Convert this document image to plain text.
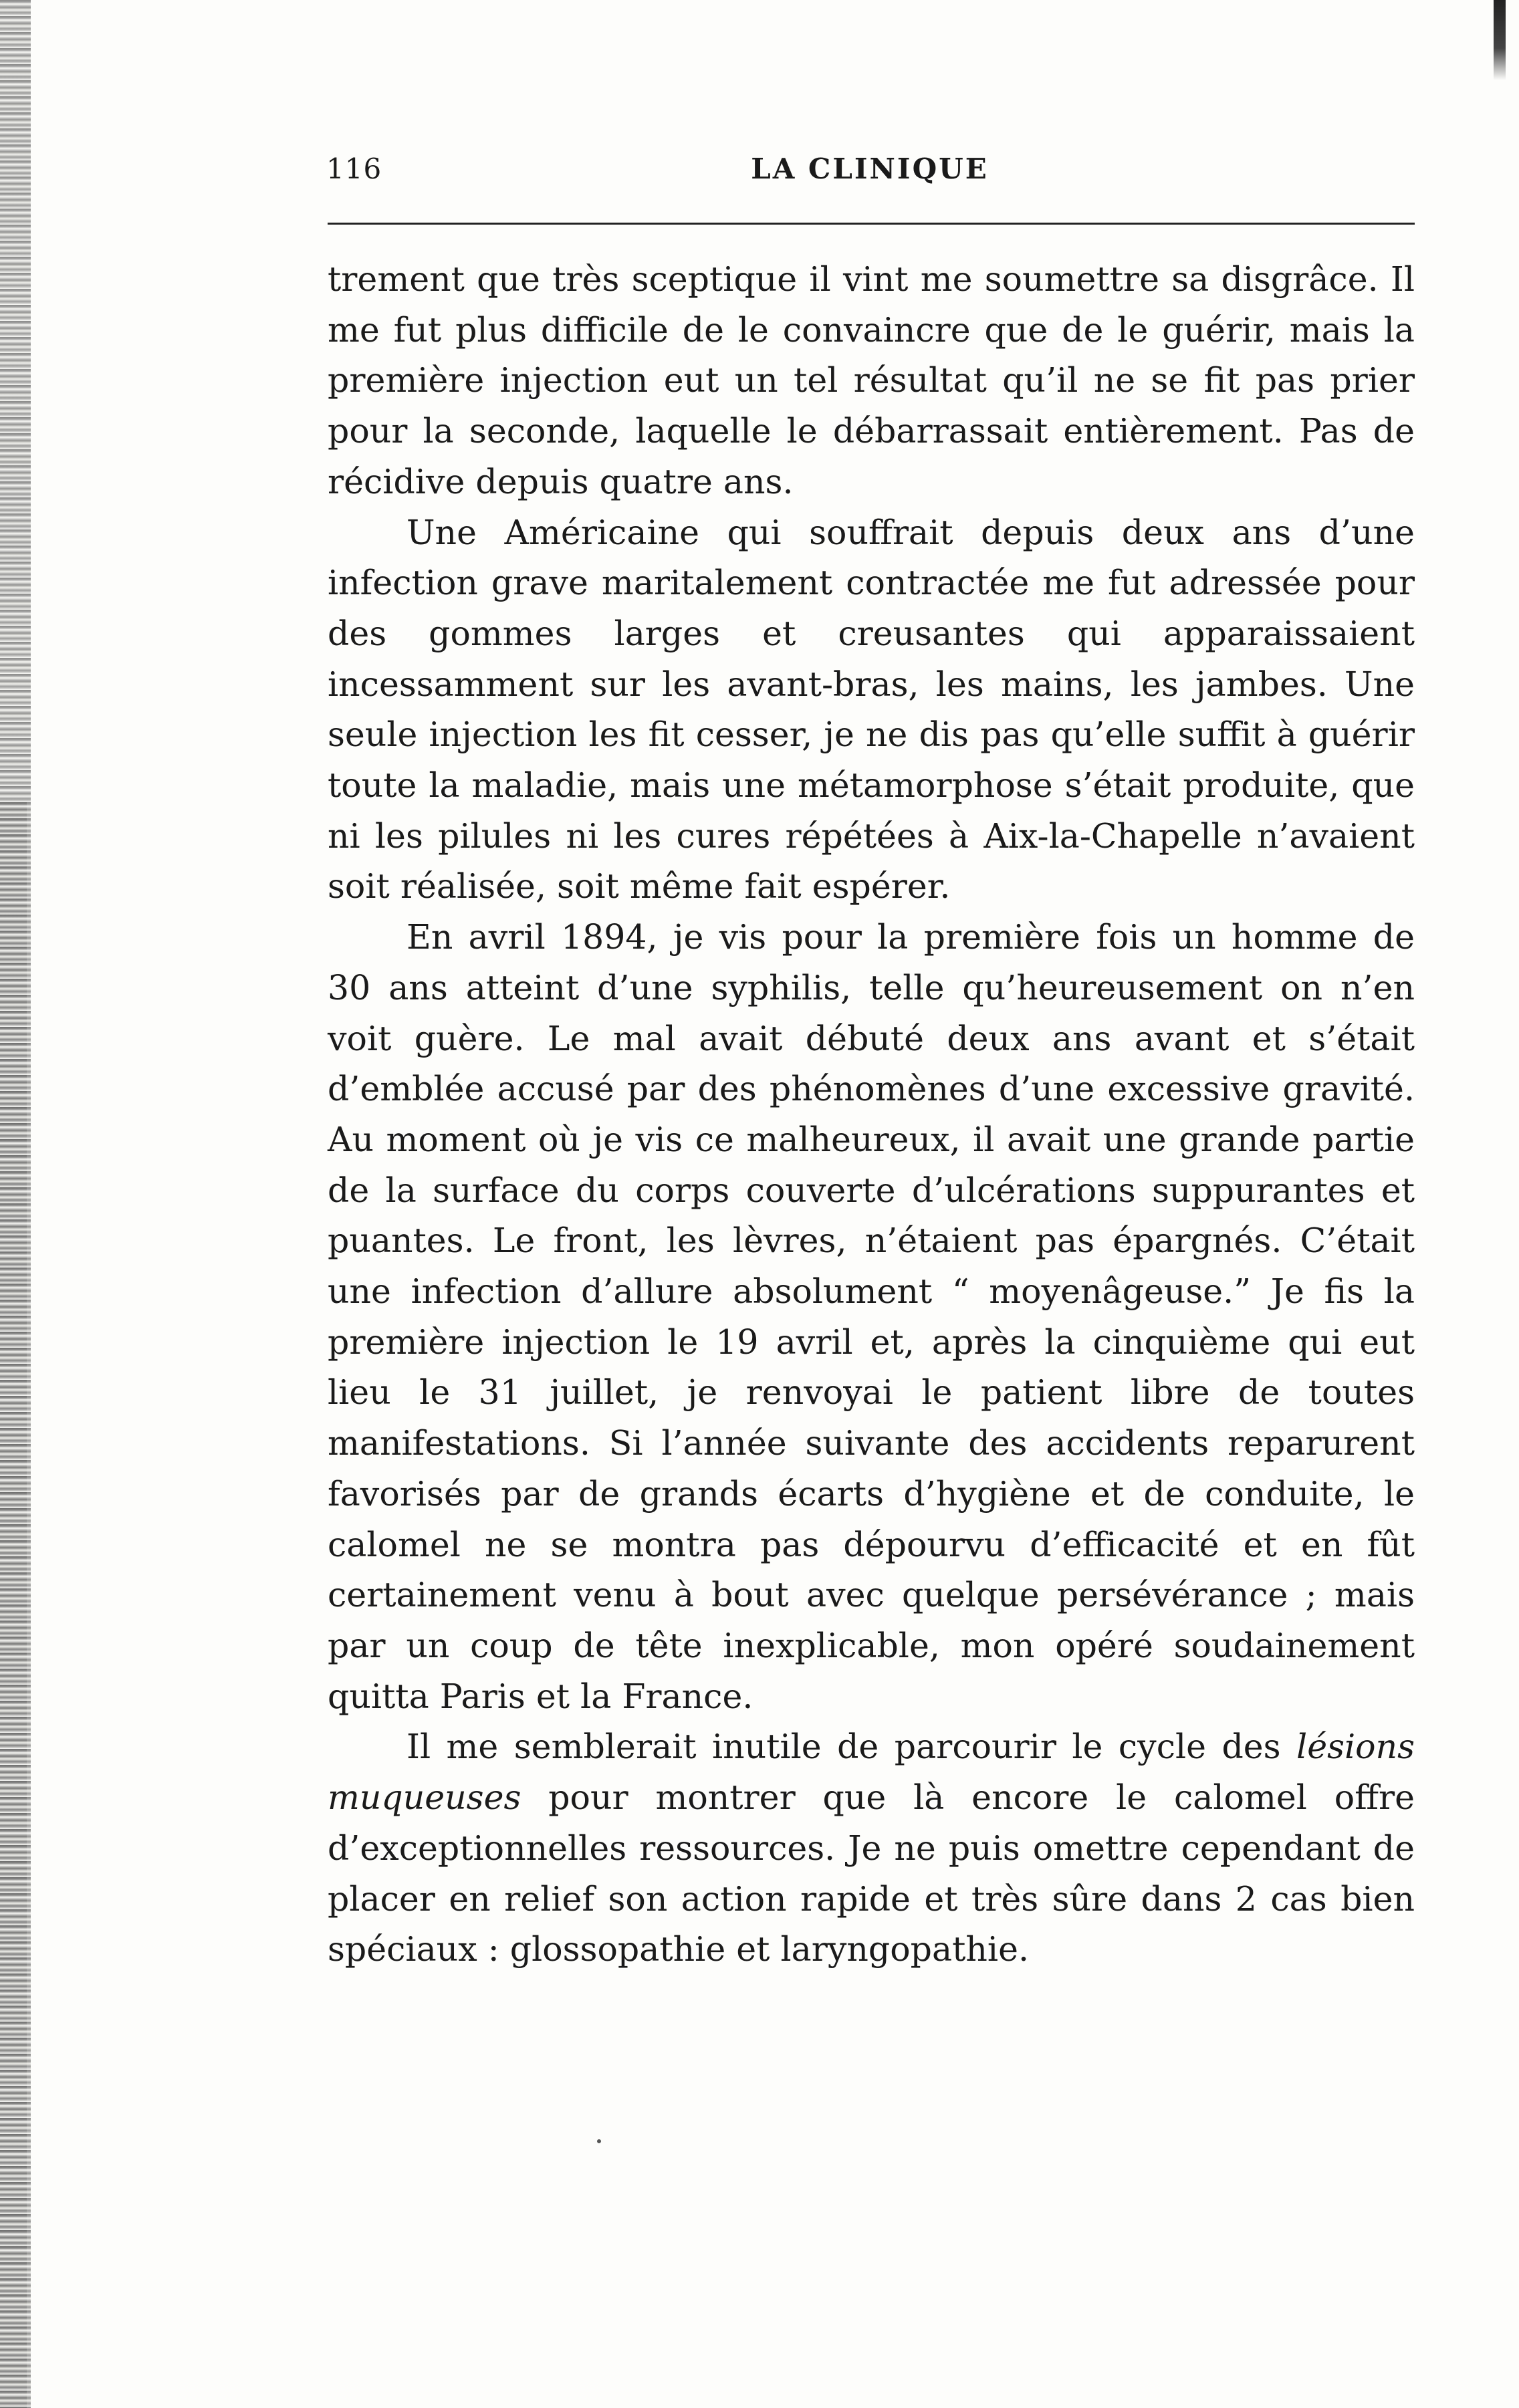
116	LA CLINIQUE

trement que très sceptique il vint me soumettre sa disgrâce. Il me fut plus difficile de le convaincre que de le guérir, mais la première injection eut un tel résultat qu’il ne se fit pas prier pour la seconde, laquelle le débarrassait entièrement. Pas de récidive depuis quatre ans.

Une Américaine qui souffrait depuis deux ans d’une infection grave maritalement contractée me fut adressée pour des gommes larges et creusantes qui apparaissaient incessamment sur les avant-bras, les mains, les jambes. Une seule injection les fit cesser, je ne dis pas qu’elle suffit à guérir toute la maladie, mais une métamorphose s’était produite, que ni les pilules ni les cures répétées à Aix-la-Chapelle n’avaient soit réalisée, soit même fait espérer.

En avril 1894, je vis pour la première fois un homme de 30 ans atteint d’une syphilis, telle qu’heureusement on n’en voit guère. Le mal avait débuté deux ans avant et s’était d’emblée accusé par des phénomènes d’une excessive gravité. Au moment où je vis ce malheureux, il avait une grande partie de la surface du corps couverte d’ulcérations suppurantes et puantes. Le front, les lèvres, n’étaient pas épargnés. C’était une infection d’allure absolument “ moyenâgeuse.” Je fis la première injection le 19 avril et, après la cinquième qui eut lieu le 31 juillet, je renvoyai le patient libre de toutes manifestations. Si l’année suivante des accidents reparurent favorisés par de grands écarts d’hygiène et de conduite, le calomel ne se montra pas dépourvu d’efficacité et en fût certainement venu à bout avec quelque persévérance ; mais par un coup de tête inexplicable, mon opéré soudainement quitta Paris et la France.

Il me semblerait inutile de parcourir le cycle des lésions muqueuses pour montrer que là encore le calomel offre d’exceptionnelles ressources. Je ne puis omettre cependant de placer en relief son action rapide et très sûre dans 2 cas bien spéciaux : glossopathie et laryngopathie.
